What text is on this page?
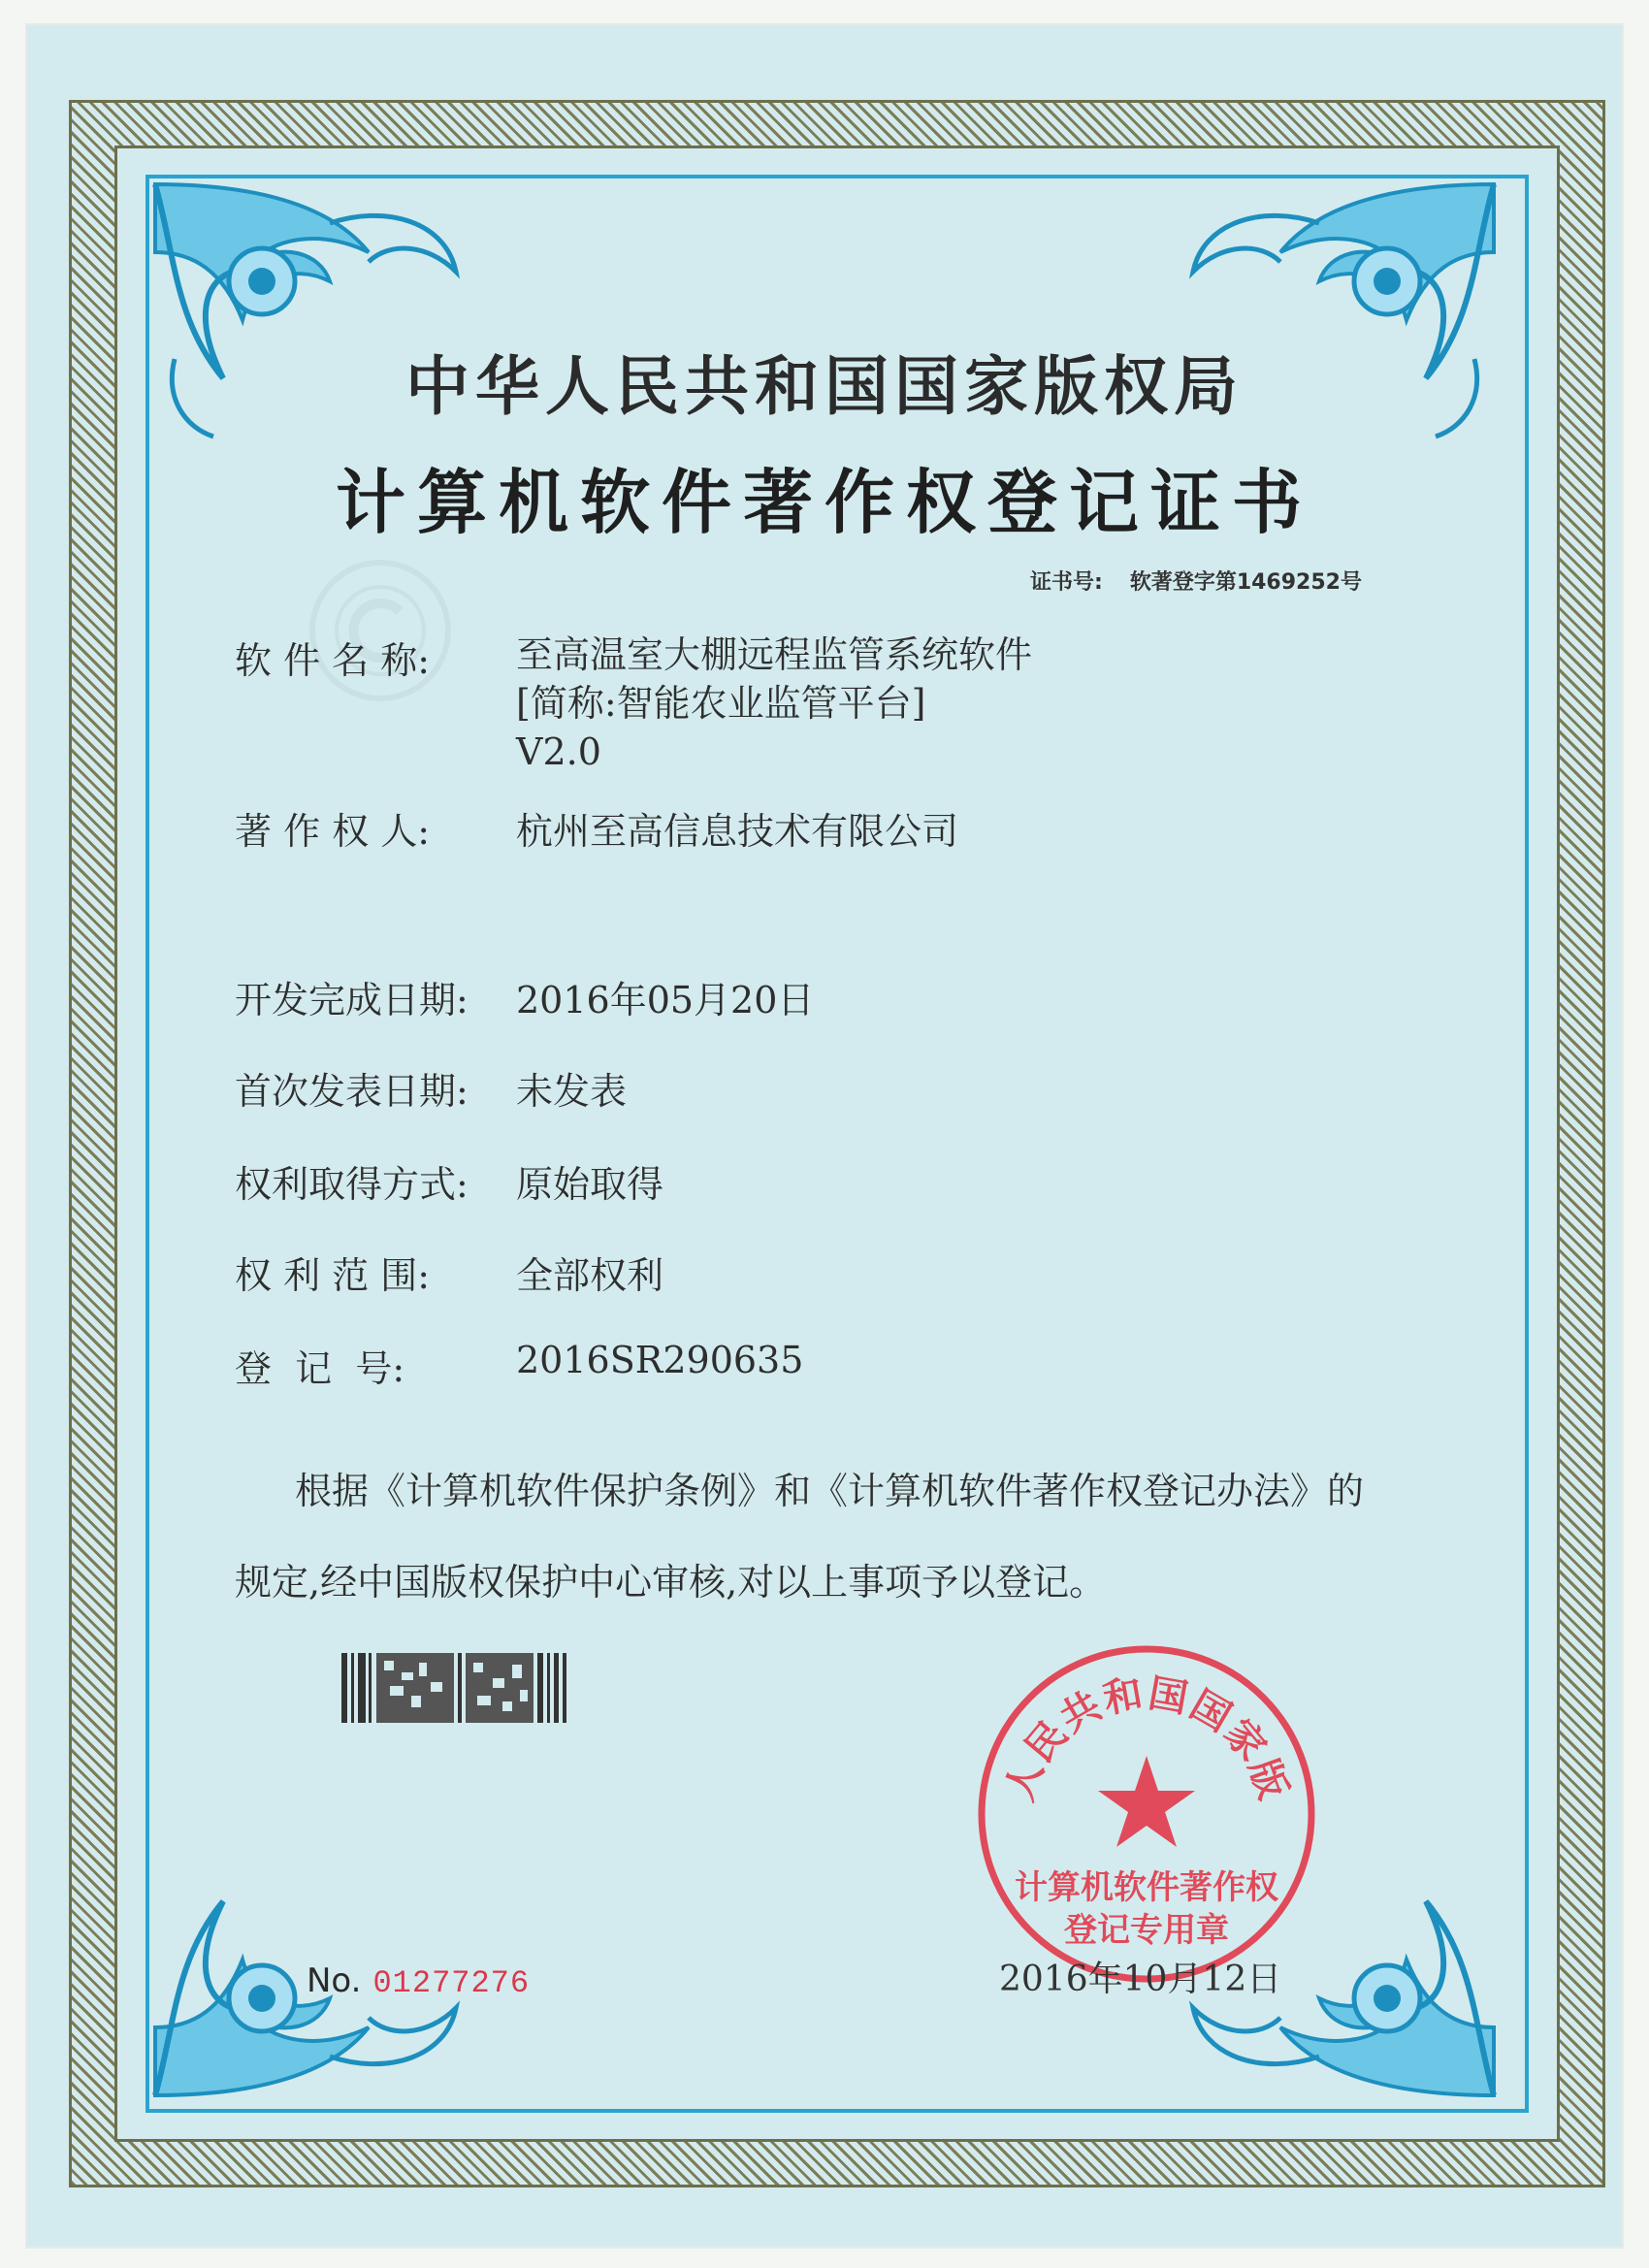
中华人民共和国国家版权局
计算机软件著作权登记证书
证书号: 软著登字第1469252号
软 件 名 称: 至高温室大棚远程监管系统软件
[简称:智能农业监管平台]
V2.0
著 作 权 人: 杭州至高信息技术有限公司
开发完成日期: 2016年05月20日
首次发表日期: 未发表
权利取得方式: 原始取得
权 利 范 围: 全部权利
登  记  号:	2016SR290635
根据《计算机软件保护条例》和《计算机软件著作权登记办法》的
规定,经中国版权保护中心审核,对以上事项予以登记。
No. 01277276
人民共和国国家版
计算机软件著作权
登记专用章
2016年10月12日
